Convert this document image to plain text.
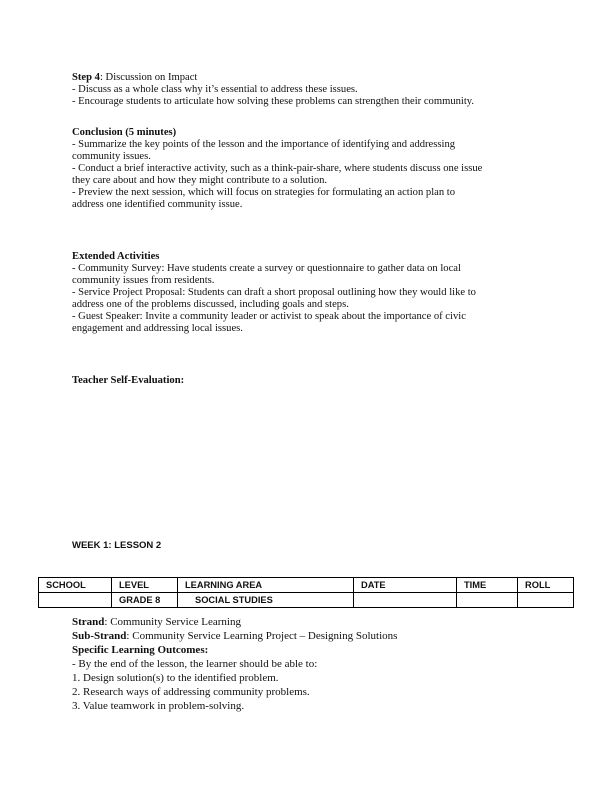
Step 4: Discussion on Impact
- Discuss as a whole class why it’s essential to address these issues.
- Encourage students to articulate how solving these problems can strengthen their community.
Conclusion (5 minutes)
- Summarize the key points of the lesson and the importance of identifying and addressing
community issues.
- Conduct a brief interactive activity, such as a think-pair-share, where students discuss one issue
they care about and how they might contribute to a solution.
- Preview the next session, which will focus on strategies for formulating an action plan to
address one identified community issue.
Extended Activities
- Community Survey: Have students create a survey or questionnaire to gather data on local
community issues from residents.
- Service Project Proposal: Students can draft a short proposal outlining how they would like to
address one of the problems discussed, including goals and steps.
- Guest Speaker: Invite a community leader or activist to speak about the importance of civic
engagement and addressing local issues.
Teacher Self-Evaluation:
WEEK 1: LESSON 2
SCHOOL	LEVEL	LEARNING AREA	DATE	TIME	ROLL
	GRADE 8	SOCIAL STUDIES			
Strand: Community Service Learning
Sub-Strand: Community Service Learning Project – Designing Solutions
Specific Learning Outcomes:
- By the end of the lesson, the learner should be able to:
1. Design solution(s) to the identified problem.
2. Research ways of addressing community problems.
3. Value teamwork in problem-solving.
